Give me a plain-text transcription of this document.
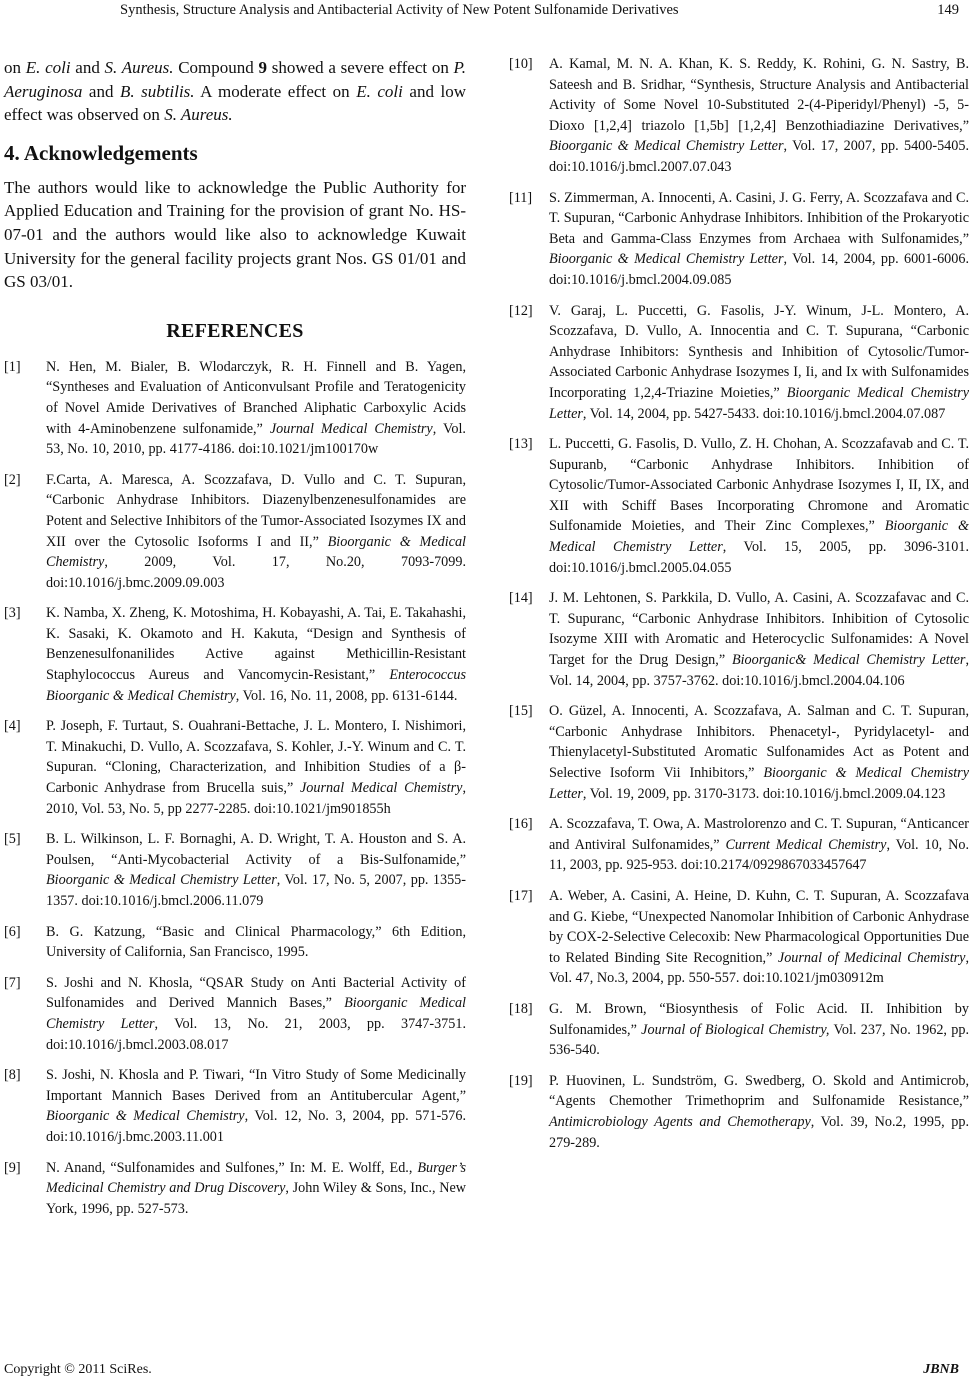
Synthesis, Structure Analysis and Antibacterial Activity of New Potent Sulfonamide Derivatives	149

on E. coli and S. Aureus. Compound 9 showed a severe effect on P. Aeruginosa and B. subtilis. A moderate effect on E. coli and low effect was observed on S. Aureus.

4. Acknowledgements

The authors would like to acknowledge the Public Authority for Applied Education and Training for the provision of grant No. HS-07-01 and the authors would like also to acknowledge Kuwait University for the general facility projects grant Nos. GS 01/01 and GS 03/01.

REFERENCES
[1] N. Hen, M. Bialer, B. Wlodarczyk, R. H. Finnell and B. Yagen, “Syntheses and Evaluation of Anticonvulsant Profile and Teratogenicity of Novel Amide Derivatives of Branched Aliphatic Carboxylic Acids with 4-Aminobenzene sulfonamide,” Journal Medical Chemistry, Vol. 53, No. 10, 2010, pp. 4177-4186. doi:10.1021/jm100170w
[2] F.Carta, A. Maresca, A. Scozzafava, D. Vullo and C. T. Supuran, “Carbonic Anhydrase Inhibitors. Diazenylbenzenesulfonamides are Potent and Selective Inhibitors of the Tumor-Associated Isozymes IX and XII over the Cytosolic Isoforms I and II,” Bioorganic & Medical Chemistry, 2009, Vol. 17, No.20, 7093-7099. doi:10.1016/j.bmc.2009.09.003
[3] K. Namba, X. Zheng, K. Motoshima, H. Kobayashi, A. Tai, E. Takahashi, K. Sasaki, K. Okamoto and H. Kakuta, “Design and Synthesis of Benzenesulfonanilides Active against Methicillin-Resistant Staphylococcus Aureus and Vancomycin-Resistant,” Enterococcus Bioorganic & Medical Chemistry, Vol. 16, No. 11, 2008, pp. 6131-6144.
[4] P. Joseph, F. Turtaut, S. Ouahrani-Bettache, J. L. Montero, I. Nishimori, T. Minakuchi, D. Vullo, A. Scozzafava, S. Kohler, J.-Y. Winum and C. T. Supuran. “Cloning, Characterization, and Inhibition Studies of a β-Carbonic Anhydrase from Brucella suis,” Journal Medical Chemistry, 2010, Vol. 53, No. 5, pp 2277-2285. doi:10.1021/jm901855h
[5] B. L. Wilkinson, L. F. Bornaghi, A. D. Wright, T. A. Houston and S. A. Poulsen, “Anti-Mycobacterial Activity of a Bis-Sulfonamide,” Bioorganic & Medical Chemistry Letter, Vol. 17, No. 5, 2007, pp. 1355-1357. doi:10.1016/j.bmcl.2006.11.079
[6] B. G. Katzung, “Basic and Clinical Pharmacology,” 6th Edition, University of California, San Francisco, 1995.
[7] S. Joshi and N. Khosla, “QSAR Study on Anti Bacterial Activity of Sulfonamides and Derived Mannich Bases,” Bioorganic Medical Chemistry Letter, Vol. 13, No. 21, 2003, pp. 3747-3751. doi:10.1016/j.bmcl.2003.08.017
[8] S. Joshi, N. Khosla and P. Tiwari, “In Vitro Study of Some Medicinally Important Mannich Bases Derived from an Antitubercular Agent,” Bioorganic & Medical Chemistry, Vol. 12, No. 3, 2004, pp. 571-576. doi:10.1016/j.bmc.2003.11.001
[9] N. Anand, “Sulfonamides and Sulfones,” In: M. E. Wolff, Ed., Burger’s Medicinal Chemistry and Drug Discovery, John Wiley & Sons, Inc., New York, 1996, pp. 527-573.
[10] A. Kamal, M. N. A. Khan, K. S. Reddy, K. Rohini, G. N. Sastry, B. Sateesh and B. Sridhar, “Synthesis, Structure Analysis and Antibacterial Activity of Some Novel 10-Substituted 2-(4-Piperidyl/Phenyl) -5, 5-Dioxo [1,2,4] triazolo [1,5b] [1,2,4] Benzothiadiazine Derivatives,” Bioorganic & Medical Chemistry Letter, Vol. 17, 2007, pp. 5400-5405. doi:10.1016/j.bmcl.2007.07.043
[11] S. Zimmerman, A. Innocenti, A. Casini, J. G. Ferry, A. Scozzafava and C. T. Supuran, “Carbonic Anhydrase Inhibitors. Inhibition of the Prokaryotic Beta and Gamma-Class Enzymes from Archaea with Sulfonamides,” Bioorganic & Medical Chemistry Letter, Vol. 14, 2004, pp. 6001-6006. doi:10.1016/j.bmcl.2004.09.085
[12] V. Garaj, L. Puccetti, G. Fasolis, J-Y. Winum, J-L. Montero, A. Scozzafava, D. Vullo, A. Innocentia and C. T. Supurana, “Carbonic Anhydrase Inhibitors: Synthesis and Inhibition of Cytosolic/Tumor-Associated Carbonic Anhydrase Isozymes I, Ii, and Ix with Sulfonamides Incorporating 1,2,4-Triazine Moieties,” Bioorganic Medical Chemistry Letter, Vol. 14, 2004, pp. 5427-5433. doi:10.1016/j.bmcl.2004.07.087
[13] L. Puccetti, G. Fasolis, D. Vullo, Z. H. Chohan, A. Scozzafavab and C. T. Supuranb, “Carbonic Anhydrase Inhibitors. Inhibition of Cytosolic/Tumor-Associated Carbonic Anhydrase Isozymes I, II, IX, and XII with Schiff Bases Incorporating Chromone and Aromatic Sulfonamide Moieties, and Their Zinc Complexes,” Bioorganic & Medical Chemistry Letter, Vol. 15, 2005, pp. 3096-3101. doi:10.1016/j.bmcl.2005.04.055
[14] J. M. Lehtonen, S. Parkkila, D. Vullo, A. Casini, A. Scozzafavac and C. T. Supuranc, “Carbonic Anhydrase Inhibitors. Inhibition of Cytosolic Isozyme XIII with Aromatic and Heterocyclic Sulfonamides: A Novel Target for the Drug Design,” Bioorganic& Medical Chemistry Letter, Vol. 14, 2004, pp. 3757-3762. doi:10.1016/j.bmcl.2004.04.106
[15] O. Güzel, A. Innocenti, A. Scozzafava, A. Salman and C. T. Supuran, “Carbonic Anhydrase Inhibitors. Phenacetyl-, Pyridylacetyl- and Thienylacetyl-Substituted Aromatic Sulfonamides Act as Potent and Selective Isoform Vii Inhibitors,” Bioorganic & Medical Chemistry Letter, Vol. 19, 2009, pp. 3170-3173. doi:10.1016/j.bmcl.2009.04.123
[16] A. Scozzafava, T. Owa, A. Mastrolorenzo and C. T. Supuran, “Anticancer and Antiviral Sulfonamides,” Current Medical Chemistry, Vol. 10, No. 11, 2003, pp. 925-953. doi:10.2174/0929867033457647
[17] A. Weber, A. Casini, A. Heine, D. Kuhn, C. T. Supuran, A. Scozzafava and G. Kiebe, “Unexpected Nanomolar Inhibition of Carbonic Anhydrase by COX-2-Selective Celecoxib: New Pharmacological Opportunities Due to Related Binding Site Recognition,” Journal of Medicinal Chemistry, Vol. 47, No.3, 2004, pp. 550-557. doi:10.1021/jm030912m
[18] G. M. Brown, “Biosynthesis of Folic Acid. II. Inhibition by Sulfonamides,” Journal of Biological Chemistry, Vol. 237, No. 1962, pp. 536-540.
[19] P. Huovinen, L. Sundström, G. Swedberg, O. Skold and Antimicrob, “Agents Chemother Trimethoprim and Sulfonamide Resistance,” Antimicrobiology Agents and Chemotherapy, Vol. 39, No.2, 1995, pp. 279-289.
Copyright © 2011 SciRes.	JBNB
